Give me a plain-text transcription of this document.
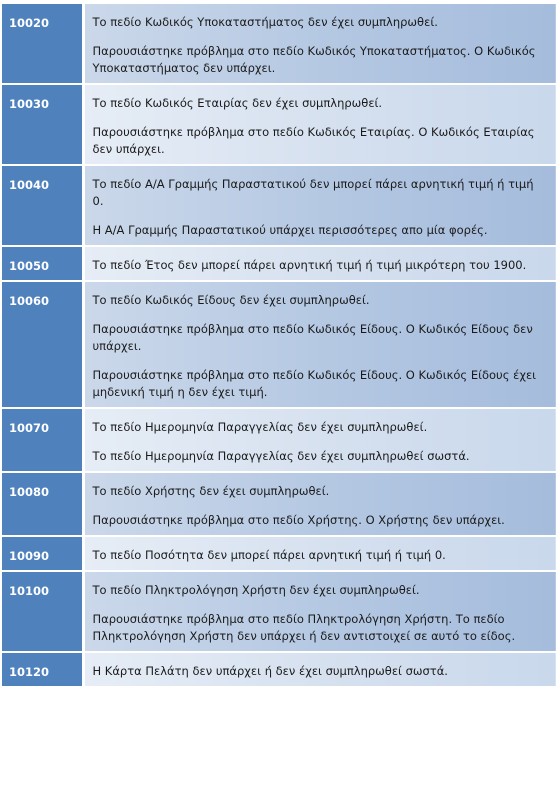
10020	Το πεδίο Κωδικός Υποκαταστήματος δεν έχει συμπληρωθεί.
Παρουσιάστηκε πρόβλημα στο πεδίο Κωδικός Υποκαταστήματος. Ο Κωδικός Υποκαταστήματος δεν υπάρχει.

10030	Το πεδίο Κωδικός Εταιρίας δεν έχει συμπληρωθεί.
Παρουσιάστηκε πρόβλημα στο πεδίο Κωδικός Εταιρίας. Ο Κωδικός Εταιρίας δεν υπάρχει.

10040	Το πεδίο Α/Α Γραμμής Παραστατικού δεν μπορεί πάρει αρνητική τιμή ή τιμή 0.
Η Α/Α Γραμμής Παραστατικού υπάρχει περισσότερες απο μία φορές.

10050	Το πεδίο Έτος δεν μπορεί πάρει αρνητική τιμή ή τιμή μικρότερη του 1900.

10060	Το πεδίο Κωδικός Είδους δεν έχει συμπληρωθεί.
Παρουσιάστηκε πρόβλημα στο πεδίο Κωδικός Είδους. Ο Κωδικός Είδους δεν υπάρχει.
Παρουσιάστηκε πρόβλημα στο πεδίο Κωδικός Είδους. Ο Κωδικός Είδους έχει μηδενική τιμή η δεν έχει τιμή.

10070	Το πεδίο Ημερομηνία Παραγγελίας δεν έχει συμπληρωθεί.
Το πεδίο Ημερομηνία Παραγγελίας δεν έχει συμπληρωθεί σωστά.

10080	Το πεδίο Χρήστης δεν έχει συμπληρωθεί.
Παρουσιάστηκε πρόβλημα στο πεδίο Χρήστης. Ο Χρήστης δεν υπάρχει.

10090	Το πεδίο Ποσότητα δεν μπορεί πάρει αρνητική τιμή ή τιμή 0.

10100	Το πεδίο Πληκτρολόγηση Χρήστη δεν έχει συμπληρωθεί.
Παρουσιάστηκε πρόβλημα στο πεδίο Πληκτρολόγηση Χρήστη. Το πεδίο Πληκτρολόγηση Χρήστη δεν υπάρχει ή δεν αντιστοιχεί σε αυτό το είδος.

10120	Η Κάρτα Πελάτη δεν υπάρχει ή δεν έχει συμπληρωθεί σωστά.
